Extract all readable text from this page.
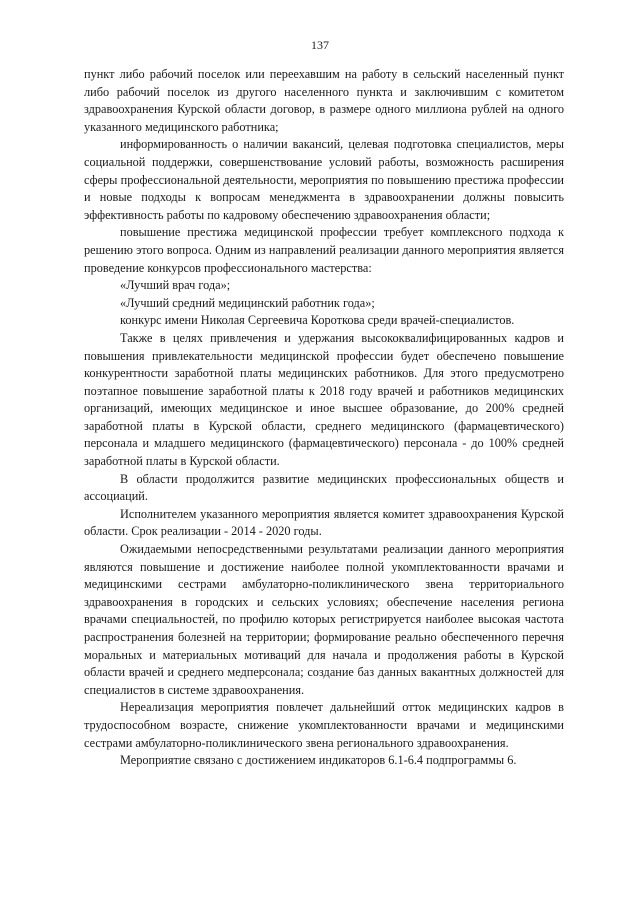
137

пункт либо рабочий поселок или переехавшим на работу в сельский населенный пункт либо рабочий поселок из другого населенного пункта и заключившим с комитетом здравоохранения Курской области договор, в размере одного миллиона рублей на одного указанного медицинского работника;

информированность о наличии вакансий, целевая подготовка специалистов, меры социальной поддержки, совершенствование условий работы, возможность расширения сферы профессиональной деятельности, мероприятия по повышению престижа профессии и новые подходы к вопросам менеджмента в здравоохранении должны повысить эффективность работы по кадровому обеспечению здравоохранения области;

повышение престижа медицинской профессии требует комплексного подхода к решению этого вопроса. Одним из направлений реализации данного мероприятия является проведение конкурсов профессионального мастерства:

«Лучший врач года»;

«Лучший средний медицинский работник года»;

конкурс имени Николая Сергеевича Короткова среди врачей-специалистов.

Также в целях привлечения и удержания высококвалифицированных кадров и повышения привлекательности медицинской профессии будет обеспечено повышение конкурентности заработной платы медицинских работников. Для этого предусмотрено поэтапное повышение заработной платы к 2018 году врачей и работников медицинских организаций, имеющих медицинское и иное высшее образование, до 200% средней заработной платы в Курской области, среднего медицинского (фармацевтического) персонала и младшего медицинского (фармацевтического) персонала - до 100% средней заработной платы в Курской области.

В области продолжится развитие медицинских профессиональных обществ и ассоциаций.

Исполнителем указанного мероприятия является комитет здравоохранения Курской области. Срок реализации - 2014 - 2020 годы.

Ожидаемыми непосредственными результатами реализации данного мероприятия являются повышение и достижение наиболее полной укомплектованности врачами и медицинскими сестрами амбулаторно-поликлинического звена территориального здравоохранения в городских и сельских условиях; обеспечение населения региона врачами специальностей, по профилю которых регистрируется наиболее высокая частота распространения болезней на территории; формирование реально обеспеченного перечня моральных и материальных мотиваций для начала и продолжения работы в Курской области врачей и среднего медперсонала; создание баз данных вакантных должностей для специалистов в системе здравоохранения.

Нереализация мероприятия повлечет дальнейший отток медицинских кадров в трудоспособном возрасте, снижение укомплектованности врачами и медицинскими сестрами амбулаторно-поликлинического звена регионального здравоохранения.

Мероприятие связано с достижением индикаторов 6.1-6.4 подпрограммы 6.
